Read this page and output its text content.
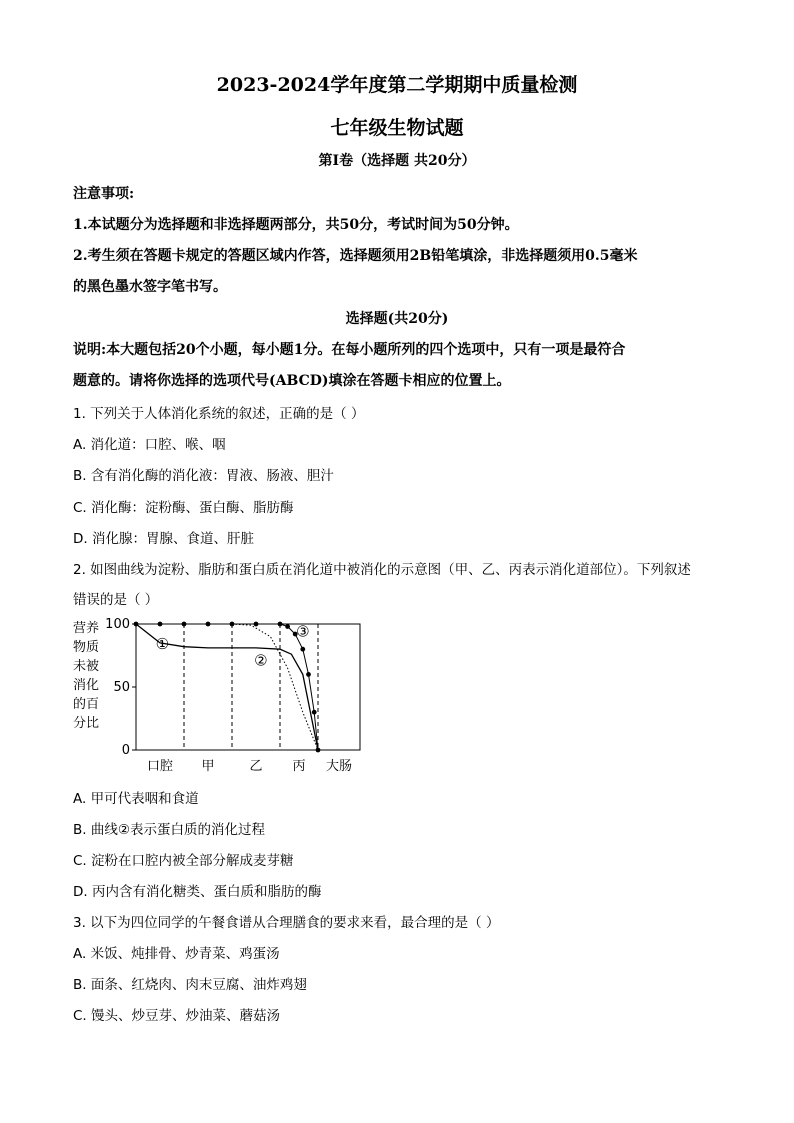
2023-2024学年度第二学期期中质量检测
七年级生物试题
第Ⅰ卷（选择题 共20分）
注意事项:
1.本试题分为选择题和非选择题两部分，共50分，考试时间为50分钟。
2.考生须在答题卡规定的答题区域内作答，选择题须用2B铅笔填涂，非选择题须用0.5毫米
的黑色墨水签字笔书写。
选择题(共20分)
说明:本大题包括20个小题，每小题1分。在每小题所列的四个选项中，只有一项是最符合
题意的。请将你选择的选项代号(ABCD)填涂在答题卡相应的位置上。
1. 下列关于人体消化系统的叙述，正确的是（ ）
A. 消化道：口腔、喉、咽
B. 含有消化酶的消化液：胃液、肠液、胆汁
C. 消化酶：淀粉酶、蛋白酶、脂肪酶
D. 消化腺：胃腺、食道、肝脏
2. 如图曲线为淀粉、脂肪和蛋白质在消化道中被消化的示意图（甲、乙、丙表示消化道部位）。下列叙述
错误的是（ ）
营养
物质
未被
消化
的百
分比
100
50
0
口腔 甲	乙 丙 大肠
①
②
③
A. 甲可代表咽和食道
B. 曲线②表示蛋白质的消化过程
C. 淀粉在口腔内被全部分解成麦芽糖
D. 丙内含有消化糖类、蛋白质和脂肪的酶
3. 以下为四位同学的午餐食谱从合理膳食的要求来看，最合理的是（ ）
A. 米饭、炖排骨、炒青菜、鸡蛋汤
B. 面条、红烧肉、肉末豆腐、油炸鸡翅
C. 馒头、炒豆芽、炒油菜、蘑菇汤
